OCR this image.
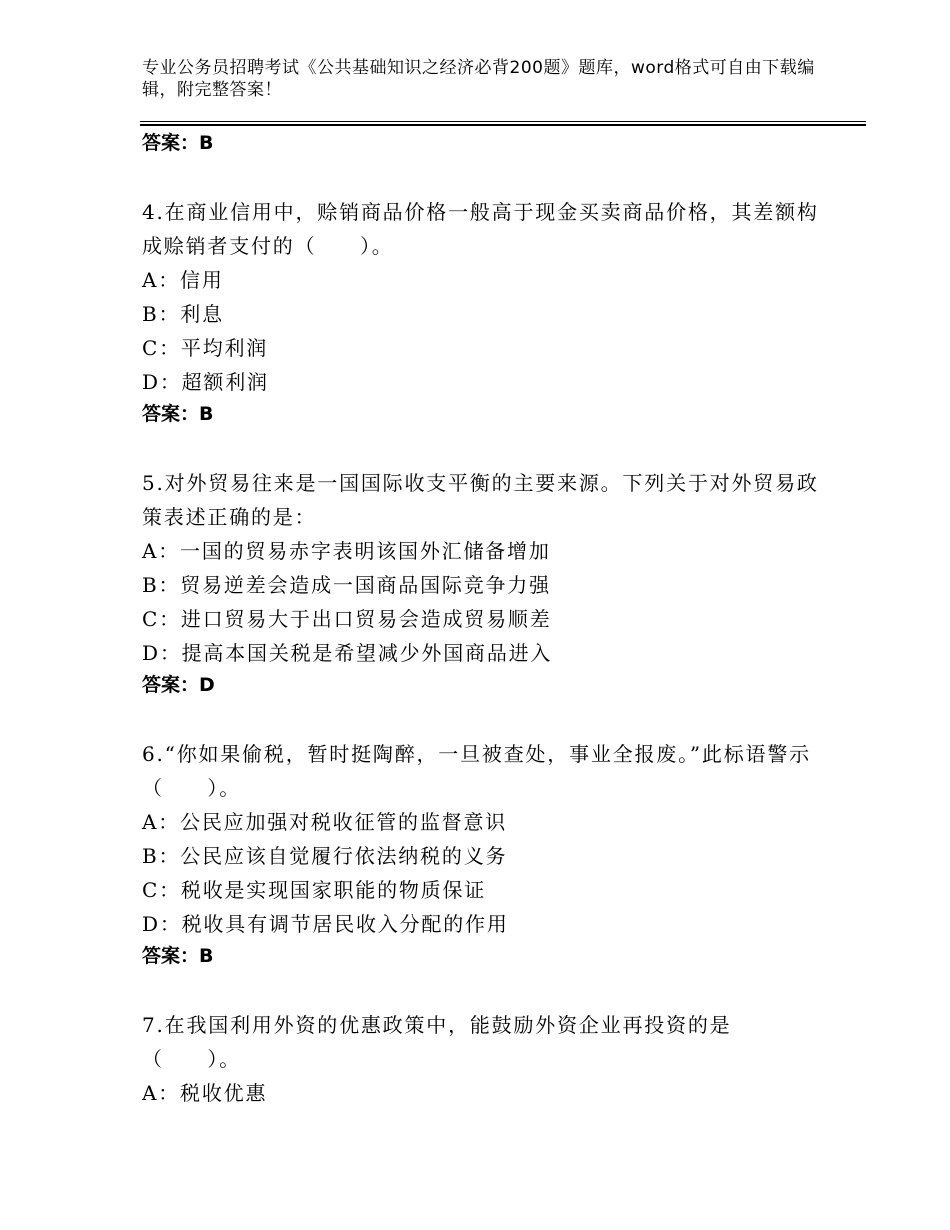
专业公务员招聘考试《公共基础知识之经济必背200题》题库，word格式可自由下载编辑，附完整答案！
答案：B
4.在商业信用中，赊销商品价格一般高于现金买卖商品价格，其差额构成赊销者支付的（　　）。
A：信用
B：利息
C：平均利润
D：超额利润
答案：B
5.对外贸易往来是一国国际收支平衡的主要来源。下列关于对外贸易政策表述正确的是：
A：一国的贸易赤字表明该国外汇储备增加
B：贸易逆差会造成一国商品国际竞争力强
C：进口贸易大于出口贸易会造成贸易顺差
D：提高本国关税是希望减少外国商品进入
答案：D
6.“你如果偷税，暂时挺陶醉，一旦被查处，事业全报废。”此标语警示（　　）。
A：公民应加强对税收征管的监督意识
B：公民应该自觉履行依法纳税的义务
C：税收是实现国家职能的物质保证
D：税收具有调节居民收入分配的作用
答案：B
7.在我国利用外资的优惠政策中，能鼓励外资企业再投资的是（　　）。
A：税收优惠
